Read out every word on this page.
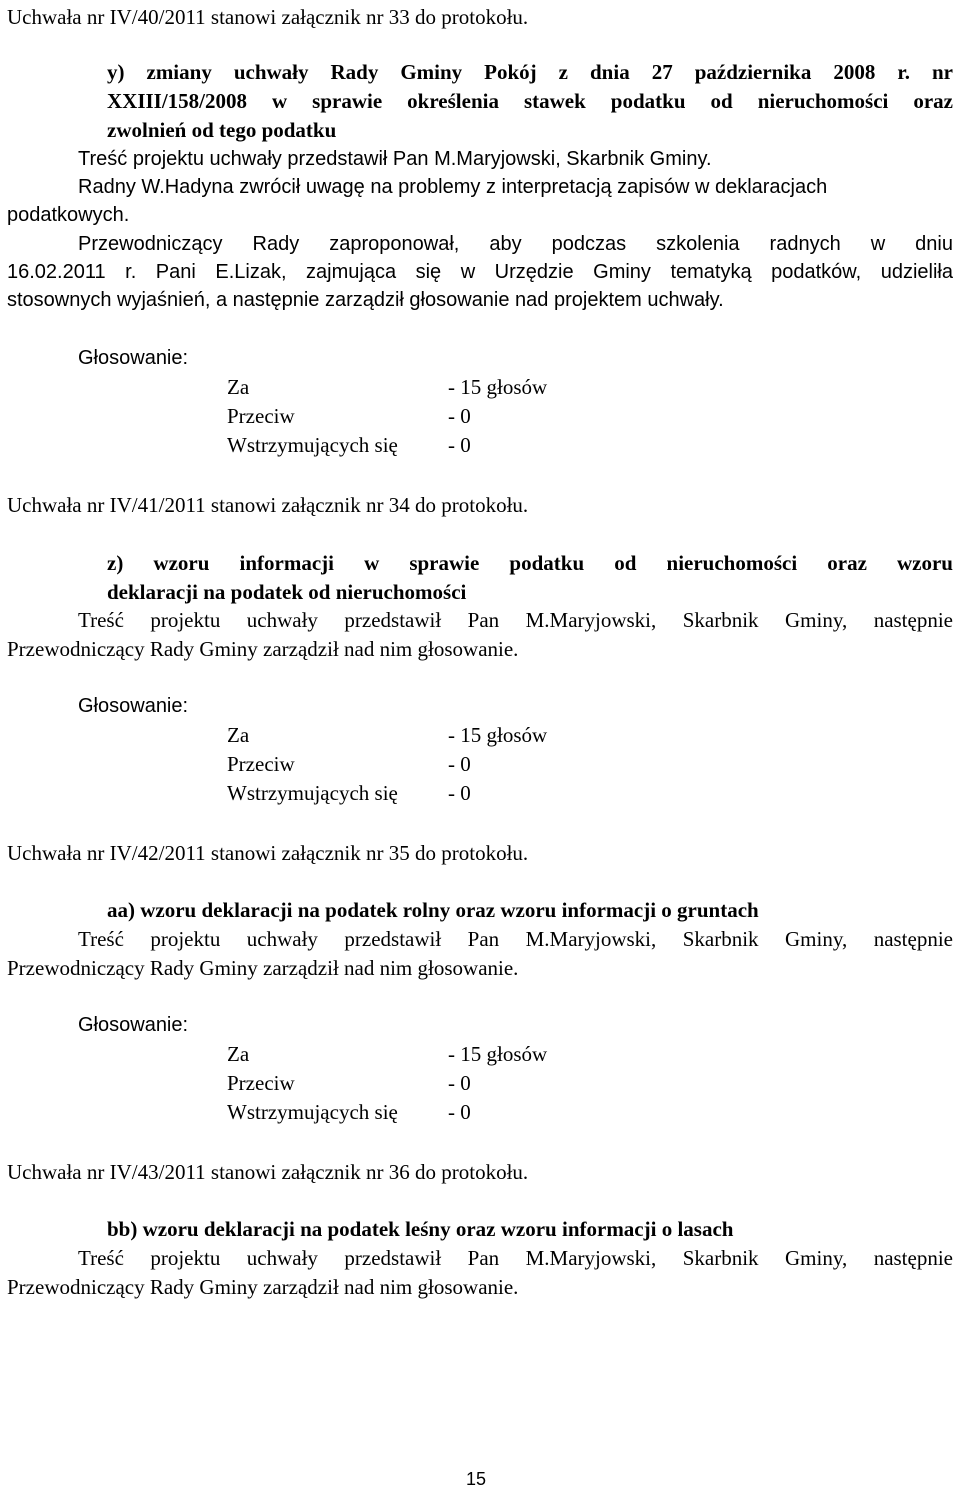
Uchwała nr IV/40/2011 stanowi załącznik nr 33 do protokołu.
y) zmiany uchwały Rady Gminy Pokój z dnia 27 października 2008 r. nr
XXIII/158/2008 w sprawie określenia stawek podatku od nieruchomości oraz
zwolnień od tego podatku
Treść projektu uchwały przedstawił Pan M.Maryjowski, Skarbnik Gminy.
Radny W.Hadyna zwrócił uwagę na problemy z interpretacją zapisów w deklaracjach
podatkowych.
Przewodniczący Rady zaproponował, aby podczas szkolenia radnych w dniu
16.02.2011 r. Pani E.Lizak, zajmująca się w Urzędzie Gminy tematyką podatków, udzieliła
stosownych wyjaśnień, a następnie zarządził głosowanie nad projektem uchwały.
Głosowanie:
Za	- 15 głosów
Przeciw	- 0
Wstrzymujących się - 0
Uchwała nr IV/41/2011 stanowi załącznik nr 34 do protokołu.
z) wzoru informacji w sprawie podatku od nieruchomości oraz wzoru
deklaracji na podatek od nieruchomości
Treść projektu uchwały przedstawił Pan M.Maryjowski, Skarbnik Gminy, następnie
Przewodniczący Rady Gminy zarządził nad nim głosowanie.
Głosowanie:
Za	- 15 głosów
Przeciw	- 0
Wstrzymujących się - 0
Uchwała nr IV/42/2011 stanowi załącznik nr 35 do protokołu.
aa) wzoru deklaracji na podatek rolny oraz wzoru informacji o gruntach
Treść projektu uchwały przedstawił Pan M.Maryjowski, Skarbnik Gminy, następnie
Przewodniczący Rady Gminy zarządził nad nim głosowanie.
Głosowanie:
Za	- 15 głosów
Przeciw	- 0
Wstrzymujących się - 0
Uchwała nr IV/43/2011 stanowi załącznik nr 36 do protokołu.
bb) wzoru deklaracji na podatek leśny oraz wzoru informacji o lasach
Treść projektu uchwały przedstawił Pan M.Maryjowski, Skarbnik Gminy, następnie
Przewodniczący Rady Gminy zarządził nad nim głosowanie.
15
